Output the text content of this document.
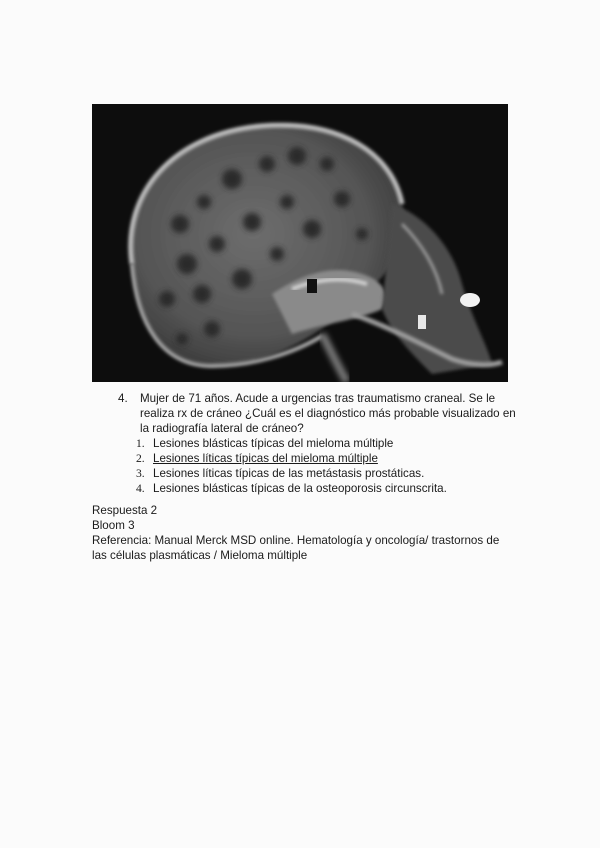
4.	Mujer de 71 años. Acude a urgencias tras traumatismo craneal. Se le realiza rx de cráneo ¿Cuál es el diagnóstico más probable visualizado en la radiografía lateral de cráneo?
1. Lesiones blásticas típicas del mieloma múltiple
2. Lesiones líticas típicas del mieloma múltiple
3. Lesiones líticas típicas de las metástasis prostáticas.
4. Lesiones blásticas típicas de la osteoporosis circunscrita.
Respuesta 2
Bloom 3
Referencia: Manual Merck MSD online. Hematología y oncología/ trastornos de las células plasmáticas / Mieloma múltiple
